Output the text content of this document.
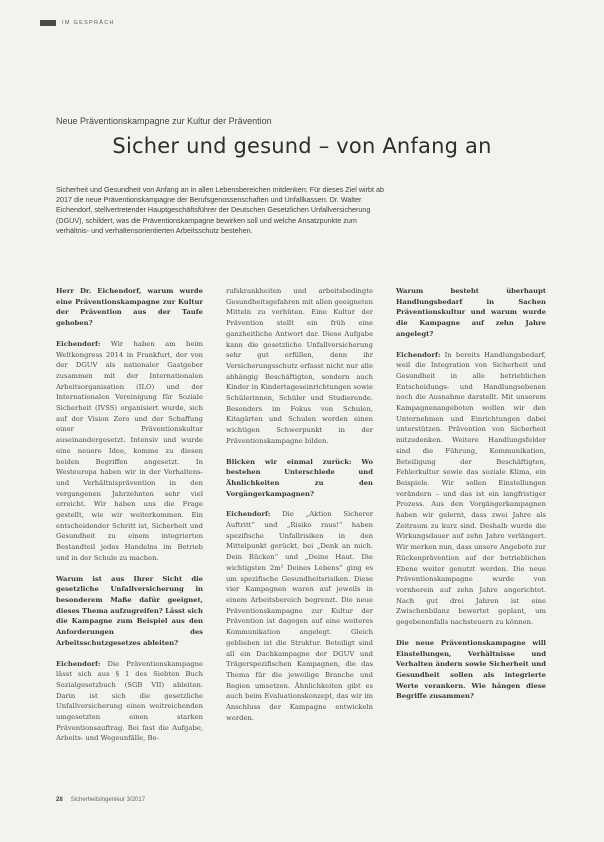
IM GESPRÄCH
Neue Präventionskampagne zur Kultur der Prävention
Sicher und gesund – von Anfang an

Sicherheit und Gesundheit von Anfang an in allen Lebensbereichen mitdenken: Für dieses Ziel wirbt ab 2017 die neue Präventionskampagne der Berufsgenossenschaften und Unfallkassen. Dr. Walter Eichendorf, stellvertretender Hauptgeschäftsführer der Deutschen Gesetzlichen Unfallversicherung (DGUV), schildert, was die Präventionskampagne bewirken soll und welche Ansatzpunkte zum verhältnis- und verhaltensorientierten Arbeitsschutz bestehen.

Herr Dr. Eichendorf, warum wurde eine Präventionskampagne zur Kultur der Prävention aus der Taufe gehoben?

Eichendorf: Wir haben am beim Weltkongress 2014 in Frankfurt, der von der DGUV als nationaler Gastgeber zusammen mit der Internationalen Arbeitsorganisation (ILO) und der Internationalen Vereinigung für Soziale Sicherheit (IVSS) organisiert wurde, sich auf der Vision Zero und der Schaffung einer Präventionskultur auseinandergesetzt. Intensiv und wurde eine neuere Idee, komme zu diesen beiden Begriffen angesetzt. In Westeuropa haben wir in der Verhaltens- und Verhältnisprävention in den vergangenen Jahrzehnten sehr viel erreicht. Wir haben uns die Frage gestellt, wie wir weiterkommen. Ein entscheidender Schritt ist, Sicherheit und Gesundheit zu einem integrierten Bestandteil jedes Handelns im Betrieb und in der Schule zu machen.

Warum ist aus Ihrer Sicht die gesetzliche Unfallversicherung in besonderem Maße dafür geeignet, dieses Thema aufzugreifen? Lässt sich die Kampagne zum Beispiel aus den Anforderungen des Arbeitsschutzgesetzes ableiten?

Eichendorf: Die Präventionskampagne lässt sich aus § 1 des Siebten Buch Sozialgesetzbuch (SGB VII) ableiten. Darin ist sich die gesetzliche Unfallversicherung einen weitreichenden umgesetzten einen starken Präventionsauftrag. Bei fast die Aufgabe, Arbeits- und Wegeunfälle, Be-

rufskrankheiten und arbeitsbedingte Gesundheitsgefahren mit allen geeigneten Mitteln zu verhüten. Eine Kultur der Prävention stellt ein früh eine ganzheitliche Antwort dar. Diese Aufgabe kann die gesetzliche Unfallversicherung sehr gut erfüllen, denn ihr Versicherungsschutz erfasst nicht nur alle abhängig Beschäftigten, sondern auch Kinder in Kindertageseinrichtungen sowie Schülerinnen, Schüler und Studierende. Besonders im Fokus von Schulen, Kitagärten und Schulen werden einen wichtigen Schwerpunkt in der Präventionskampagne bilden.

Blicken wir einmal zurück: Wo bestehen Unterschiede und Ähnlichkeiten zu den Vorgängerkampagnen?

Eichendorf: Die „Aktion Sicherer Auftritt“ und „Risiko raus!“ haben spezifische Unfallrisiken in den Mittelpunkt gerückt, bei „Denk an mich. Dein Rücken“ und „Deine Haut. Die wichtigsten 2m² Deines Lebens“ ging es um spezifische Gesundheitsrisiken. Diese vier Kampagnen waren auf jeweils in einem Arbeitsbereich begrenzt. Die neue Präventionskampagne zur Kultur der Prävention ist dagegen auf eine weiteres Kommunikation angelegt. Gleich geblieben ist die Struktur. Beteiligt sind all ein Dachkampagne der DGUV und Trägerspezifischen Kampagnen, die das Thema für die jeweilige Branche und Region umsetzen. Ähnlichkeiten gibt es auch beim Evaluationskonzept, das wir im Anschluss der Kampagne entwickeln werden.

Warum besteht überhaupt Handlungsbedarf in Sachen Präventionskultur und warum wurde die Kampagne auf zehn Jahre angelegt?

Eichendorf: In bereits Handlungsbedarf, weil die Integration von Sicherheit und Gesundheit in alle betrieblichen Entscheidungs- und Handlungsebenen noch die Ausnahme darstellt. Mit unserem Kampagnenangeboten wollen wir den Unternehmen und Einrichtungen dabei unterstützen. Prävention von Sicherheit mitzudenken. Weitere Handlungsfelder sind die Führung, Kommunikation, Beteiligung der Beschäftigten, Fehlerkultur sowie das soziale Klima, ein Beispiele. Wir sollen Einstellungen verändern – und das ist ein langfristiger Prozess. Aus den Vorgängerkampagnen haben wir gelernt, dass zwei Jahre als Zeitraum zu kurz sind. Deshalb wurde die Wirkungsdauer auf zehn Jahre verlängert. Wir merken nun, dass unsere Angebote zur Rückenprävention auf der betrieblichen Ebene weiter genutzt werden. Die neue Präventionskampagne wurde von vornherein auf zehn Jahre angerichtet. Nach gut drei Jahren ist eine Zwischenbilanz bewertet geplant, um gegebenenfalls nachsteuern zu können.

Die neue Präventionskampagne will Einstellungen, Verhältnisse und Verhalten ändern sowie Sicherheit und Gesundheit sollen als integrierte Werte verankern. Wie hängen diese Begriffe zusammen?

28 Sicherheitsingenieur 3/2017
